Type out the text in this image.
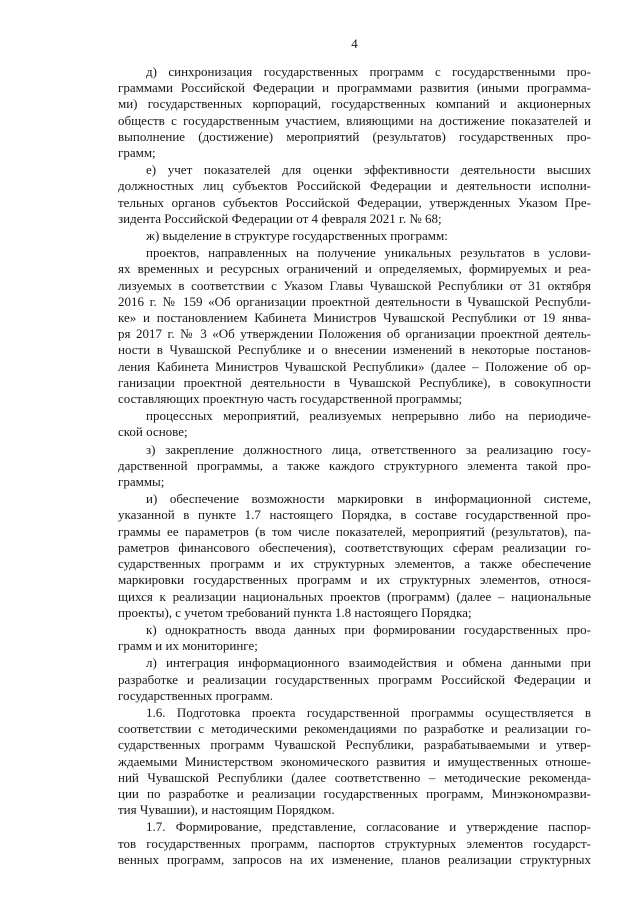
4
д) синхронизация государственных программ с государственными про-
граммами Российской Федерации и программами развития (иными программа-
ми) государственных корпораций, государственных компаний и акционерных
обществ с государственным участием, влияющими на достижение показателей и
выполнение (достижение) мероприятий (результатов) государственных про-
грамм;
е) учет показателей для оценки эффективности деятельности высших
должностных лиц субъектов Российской Федерации и деятельности исполни-
тельных органов субъектов Российской Федерации, утвержденных Указом Пре-
зидента Российской Федерации от 4 февраля 2021 г. № 68;
ж) выделение в структуре государственных программ:
проектов, направленных на получение уникальных результатов в услови-
ях временных и ресурсных ограничений и определяемых, формируемых и реа-
лизуемых в соответствии с Указом Главы Чувашской Республики от 31 октября
2016 г. № 159 «Об организации проектной деятельности в Чувашской Республи-
ке» и постановлением Кабинета Министров Чувашской Республики от 19 янва-
ря 2017 г. № 3 «Об утверждении Положения об организации проектной деятель-
ности в Чувашской Республике и о внесении изменений в некоторые постанов-
ления Кабинета Министров Чувашской Республики» (далее – Положение об ор-
ганизации проектной деятельности в Чувашской Республике), в совокупности
составляющих проектную часть государственной программы;
процессных мероприятий, реализуемых непрерывно либо на периодиче-
ской основе;
з) закрепление должностного лица, ответственного за реализацию госу-
дарственной программы, а также каждого структурного элемента такой про-
граммы;
и) обеспечение возможности маркировки в информационной системе,
указанной в пункте 1.7 настоящего Порядка, в составе государственной про-
граммы ее параметров (в том числе показателей, мероприятий (результатов), па-
раметров финансового обеспечения), соответствующих сферам реализации го-
сударственных программ и их структурных элементов, а также обеспечение
маркировки государственных программ и их структурных элементов, относя-
щихся к реализации национальных проектов (программ) (далее – национальные
проекты), с учетом требований пункта 1.8 настоящего Порядка;
к) однократность ввода данных при формировании государственных про-
грамм и их мониторинге;
л) интеграция информационного взаимодействия и обмена данными при
разработке и реализации государственных программ Российской Федерации и
государственных программ.
1.6. Подготовка проекта государственной программы осуществляется в
соответствии с методическими рекомендациями по разработке и реализации го-
сударственных программ Чувашской Республики, разрабатываемыми и утвер-
ждаемыми Министерством экономического развития и имущественных отноше-
ний Чувашской Республики (далее соответственно – методические рекоменда-
ции по разработке и реализации государственных программ, Минэкономразви-
тия Чувашии), и настоящим Порядком.
1.7. Формирование, представление, согласование и утверждение паспор-
тов государственных программ, паспортов структурных элементов государст-
венных программ, запросов на их изменение, планов реализации структурных
